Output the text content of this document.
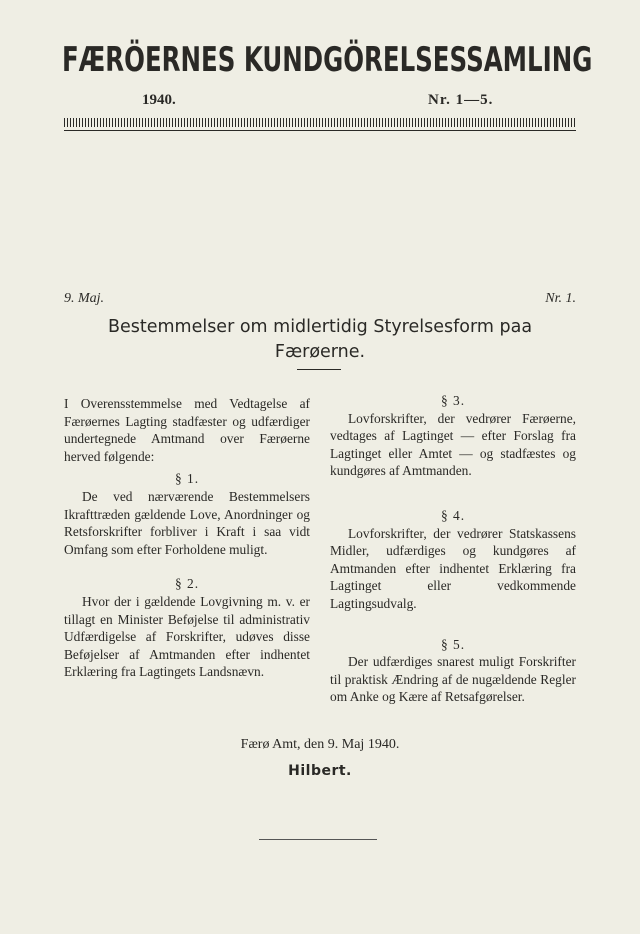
FÆRÖERNES KUNDGÖRELSESSAMLING
1940.	Nr. 1—5.
9. Maj.	Nr. 1.
Bestemmelser om midlertidig Styrelsesform paa
Færøerne.

I Overensstemmelse med Vedtagelse af Færøernes Lagting stadfæster og udfærdiger undertegnede Amtmand over Færøerne herved følgende:

§ 1.

De ved nærværende Bestemmelsers Ikrafttræden gældende Love, Anordninger og Retsforskrifter forbliver i Kraft i saa vidt Omfang som efter Forholdene muligt.

§ 2.

Hvor der i gældende Lovgivning m. v. er tillagt en Minister Beføjelse til administrativ Udfærdigelse af Forskrifter, udøves disse Beføjelser af Amtmanden efter indhentet Erklæring fra Lagtingets Landsnævn.

§ 3.

Lovforskrifter, der vedrører Færøerne, vedtages af Lagtinget — efter Forslag fra Lagtinget eller Amtet — og stadfæstes og kundgøres af Amtmanden.

§ 4.

Lovforskrifter, der vedrører Statskassens Midler, udfærdiges og kundgøres af Amtmanden efter indhentet Erklæring fra Lagtinget eller vedkommende Lagtingsudvalg.

§ 5.

Der udfærdiges snarest muligt Forskrifter til praktisk Ændring af de nugældende Regler om Anke og Kære af Retsafgørelser.

Færø Amt, den 9. Maj 1940.
Hilbert.
